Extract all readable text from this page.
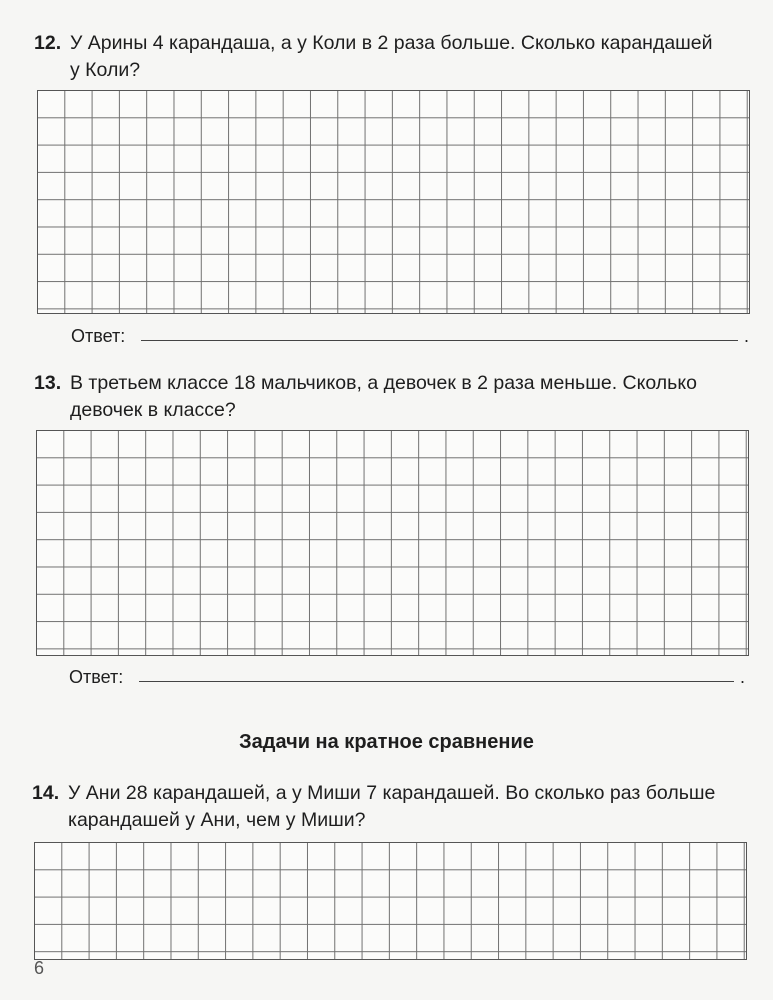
12. У Арины 4 карандаша, а у Коли в 2 раза больше. Сколько карандашей
у Коли?
Ответ:	.
13. В третьем классе 18 мальчиков, а девочек в 2 раза меньше. Сколько
девочек в классе?
Ответ:	.
Задачи на кратное сравнение
14. У Ани 28 карандашей, а у Миши 7 карандашей. Во сколько раз больше
карандашей у Ани, чем у Миши?
6
